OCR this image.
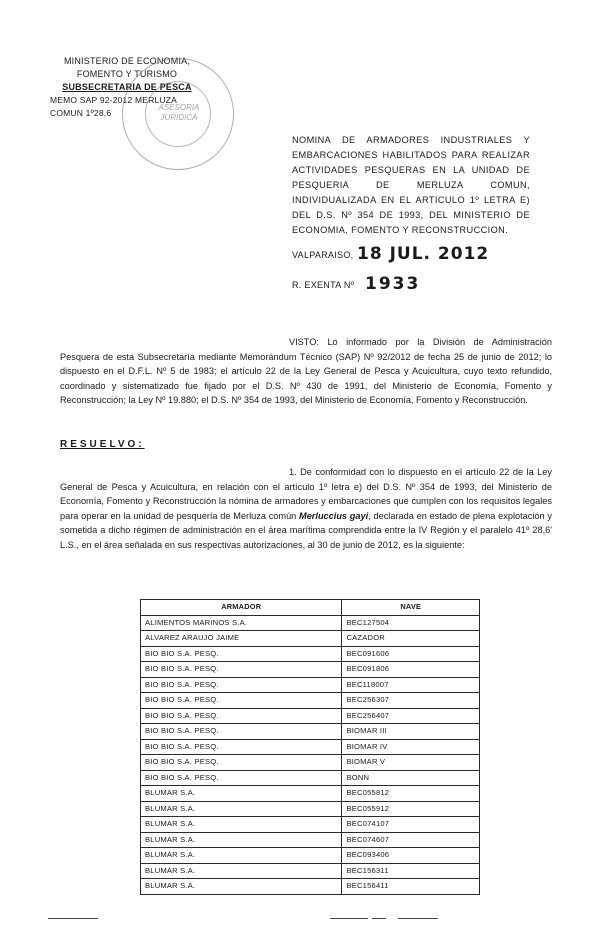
MINISTERIO DE ECONOMIA,
FOMENTO Y TURISMO
SUBSECRETARIA DE PESCA
MEMO SAP 92-2012 MERLUZA COMUN 1º28,6
ASESORIA JURIDICA
NOMINA DE ARMADORES INDUSTRIALES Y EMBARCACIONES HABILITADOS PARA REALIZAR ACTIVIDADES PESQUERAS EN LA UNIDAD DE PESQUERIA DE MERLUZA COMUN, INDIVIDUALIZADA EN EL ARTICULO 1º LETRA E) DEL D.S. Nº 354 DE 1993, DEL MINISTERIO DE ECONOMIA, FOMENTO Y RECONSTRUCCION.
VALPARAISO, 18 JUL. 2012
R. EXENTA Nº 1933
VISTO: Lo informado por la División de Administración Pesquera de esta Subsecretaría mediante Memorándum Técnico (SAP) Nº 92/2012 de fecha 25 de junio de 2012; lo dispuesto en el D.F.L. Nº 5 de 1983; el artículo 22 de la Ley General de Pesca y Acuicultura, cuyo texto refundido, coordinado y sistematizado fue fijado por el D.S. Nº 430 de 1991, del Ministerio de Economía, Fomento y Reconstrucción; la Ley Nº 19.880; el D.S. Nº 354 de 1993, del Ministerio de Economía, Fomento y Reconstrucción.
RESUELVO:
1. De conformidad con lo dispuesto en el artículo 22 de la Ley General de Pesca y Acuicultura, en relación con el artículo 1º letra e) del D.S. Nº 354 de 1993, del Ministerio de Economía, Fomento y Reconstrucción la nómina de armadores y embarcaciones que cumplen con los requisitos legales para operar en la unidad de pesquería de Merluza común Merluccius gayi, declarada en estado de plena explotación y sometida a dicho régimen de administración en el área marítima comprendida entre la IV Región y el paralelo 41º 28,6' L.S., en el área señalada en sus respectivas autorizaciones, al 30 de junio de 2012, es la siguiente:
ARMADOR	NAVE
ALIMENTOS MARINOS S.A.	BEC127504
ALVAREZ ARAUJO JAIME	CAZADOR
BIO BIO S.A. PESQ.	BEC091606
BIO BIO S.A. PESQ.	BEC091806
BIO BIO S.A. PESQ.	BEC118007
BIO BIO S.A. PESQ.	BEC256307
BIO BIO S.A. PESQ.	BEC256407
BIO BIO S.A. PESQ.	BIOMAR III
BIO BIO S.A. PESQ.	BIOMAR IV
BIO BIO S.A. PESQ.	BIOMAR V
BIO BIO S.A. PESQ.	BONN
BLUMAR S.A.	BEC055812
BLUMAR S.A.	BEC055912
BLUMAR S.A.	BEC074107
BLUMAR S.A.	BEC074607
BLUMAR S.A.	BEC093406
BLUMAR S.A.	BEC156311
BLUMAR S.A.	BEC156411
